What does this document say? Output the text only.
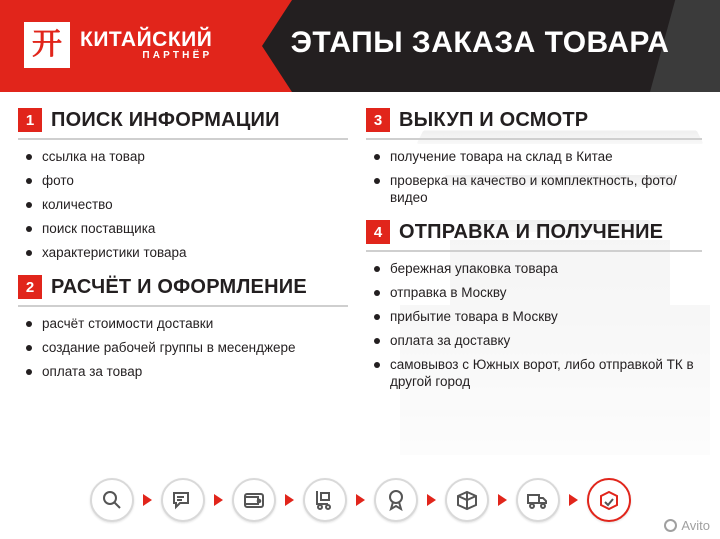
开 КИТАЙСКИЙ
ПАРТНЁР	ЭТАПЫ ЗАКАЗА ТОВАРА
1 ПОИСК ИНФОРМАЦИИ
ссылка на товар
фото
количество
поиск поставщика
характеристики товара
2 РАСЧЁТ И ОФОРМЛЕНИЕ
расчёт стоимости доставки
создание рабочей группы в месенджере
оплата за товар
3 ВЫКУП И ОСМОТР
получение товара на склад в Китае
проверка на качество и комплектность, фото/видео
4 ОТПРАВКА И ПОЛУЧЕНИЕ
бережная упаковка товара
отправка в Москву
прибытие товара в Москву
оплата за доставку
самовывоз с Южных ворот, либо отправкой ТК в другой город
Avito
